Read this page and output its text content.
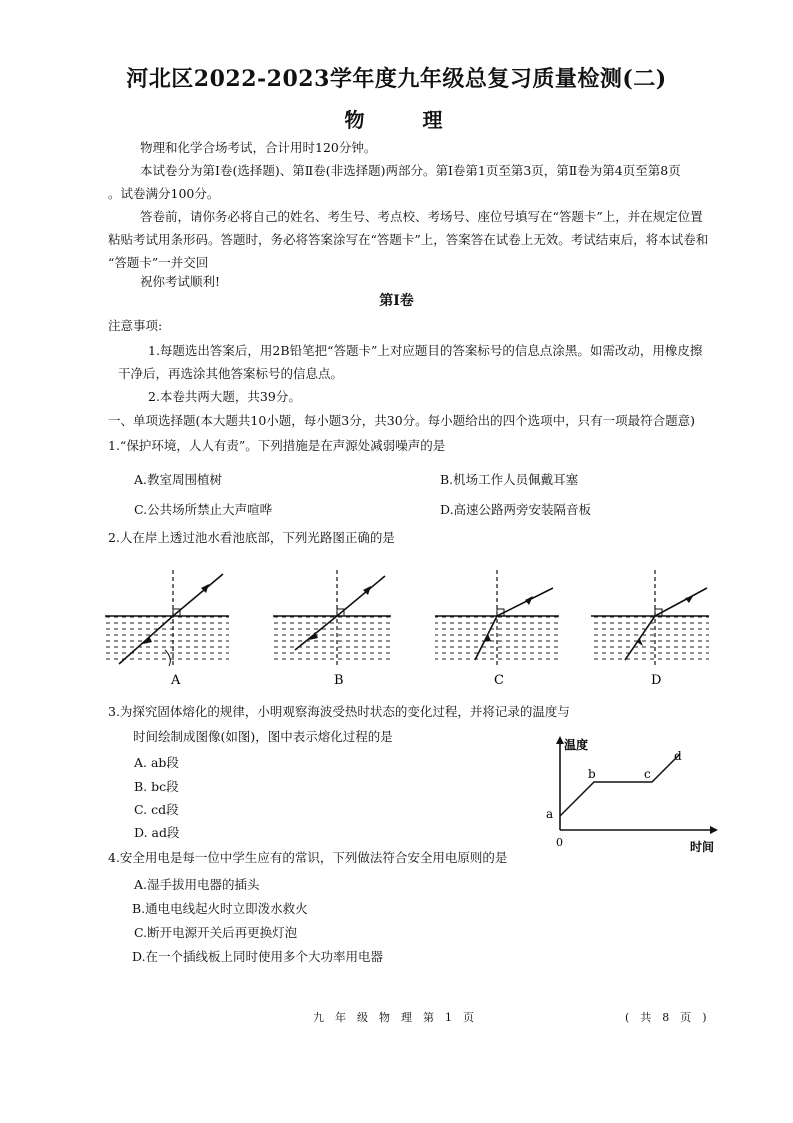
河北区2022-2023学年度九年级总复习质量检测(二)
物　　理
物理和化学合场考试，合计用时120分钟。
本试卷分为第Ⅰ卷(选择题)、第Ⅱ卷(非选择题)两部分。第Ⅰ卷第1页至第3页，第Ⅱ卷为第4页至第8页
。试卷满分100分。
答卷前，请你务必将自己的姓名、考生号、考点校、考场号、座位号填写在“答题卡”上，并在规定位置
粘贴考试用条形码。答题时，务必将答案涂写在“答题卡”上，答案答在试卷上无效。考试结束后，将本试卷和
“答题卡”一并交回
祝你考试顺利!
第Ⅰ卷
注意事项:
1.每题选出答案后，用2B铅笔把“答题卡”上对应题目的答案标号的信息点涂黑。如需改动，用橡皮擦
干净后，再选涂其他答案标号的信息点。
2.本卷共两大题，共39分。
一、单项选择题(本大题共10小题，每小题3分，共30分。每小题给出的四个选项中，只有一项最符合题意)
1.“保护环境，人人有责”。下列措施是在声源处减弱噪声的是
A.教室周围植树	B.机场工作人员佩戴耳塞
C.公共场所禁止大声喧哗	D.高速公路两旁安装隔音板
2.人在岸上透过池水看池底部，下列光路图正确的是
A	B	C	D
3.为探究固体熔化的规律，小明观察海波受热时状态的变化过程，并将记录的温度与
时间绘制成图像(如图)，图中表示熔化过程的是
A. ab段
B. bc段
C. cd段
D. ad段
温度
时间
0
a
b	c
d
4.安全用电是每一位中学生应有的常识，下列做法符合安全用电原则的是
A.湿手拔用电器的插头
B.通电电线起火时立即泼水救火
C.断开电源开关后再更换灯泡
D.在一个插线板上同时使用多个大功率用电器
九　年　级　物　理　第　1　页	(　共　8　页　)
